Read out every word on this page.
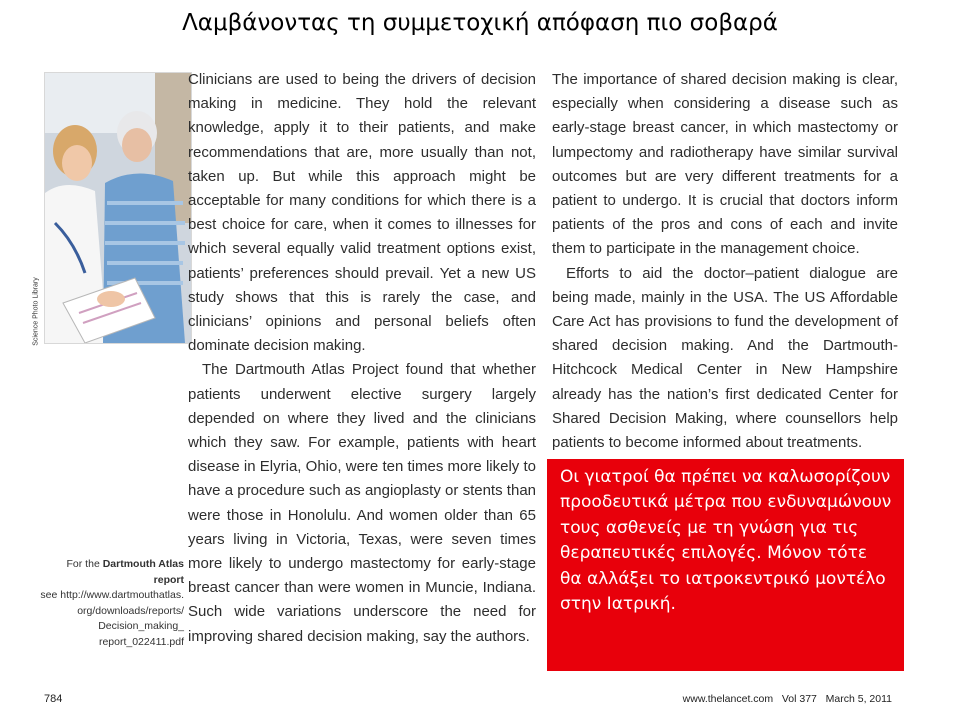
Λαμβάνοντας τη συμμετοχική απόφαση πιο σοβαρά
Science Photo Library

Clinicians are used to being the drivers of decision making in medicine. They hold the relevant knowledge, apply it to their patients, and make recommendations that are, more usually than not, taken up. But while this approach might be acceptable for many conditions for which there is a best choice for care, when it comes to illnesses for which several equally valid treatment options exist, patients’ preferences should prevail. Yet a new US study shows that this is rarely the case, and clinicians’ opinions and personal beliefs often dominate decision making.

The Dartmouth Atlas Project found that whether patients underwent elective surgery largely depended on where they lived and the clinicians which they saw. For example, patients with heart disease in Elyria, Ohio, were ten times more likely to have a procedure such as angioplasty or stents than were those in Honolulu. And women older than 65 years living in Victoria, Texas, were seven times more likely to undergo mastectomy for early-stage breast cancer than were women in Muncie, Indiana. Such wide variations underscore the need for improving shared decision making, say the authors.

The importance of shared decision making is clear, especially when considering a disease such as early-stage breast cancer, in which mastectomy or lumpectomy and radiotherapy have similar survival outcomes but are very different treatments for a patient to undergo. It is crucial that doctors inform patients of the pros and cons of each and invite them to participate in the management choice.

Efforts to aid the doctor–patient dialogue are being made, mainly in the USA. The US Affordable Care Act has provisions to fund the development of shared decision making. And the Dartmouth-Hitchcock Medical Center in New Hampshire already has the nation’s first dedicated Center for Shared Decision Making, where counsellors help patients to become informed about treatments.

For the Dartmouth Atlas report
see http://www.dartmouthatlas.
org/downloads/reports/
Decision_making_
report_022411.pdf
784	www.thelancet.com   Vol 377   March 5, 2011
Οι γιατροί θα πρέπει να καλωσορίζουν προοδευτικά μέτρα που ενδυναμώνουν τους ασθενείς με τη γνώση για τις θεραπευτικές επιλογές. Μόνον τότε θα αλλάξει το ιατροκεντρικό μοντέλο στην Ιατρική.
